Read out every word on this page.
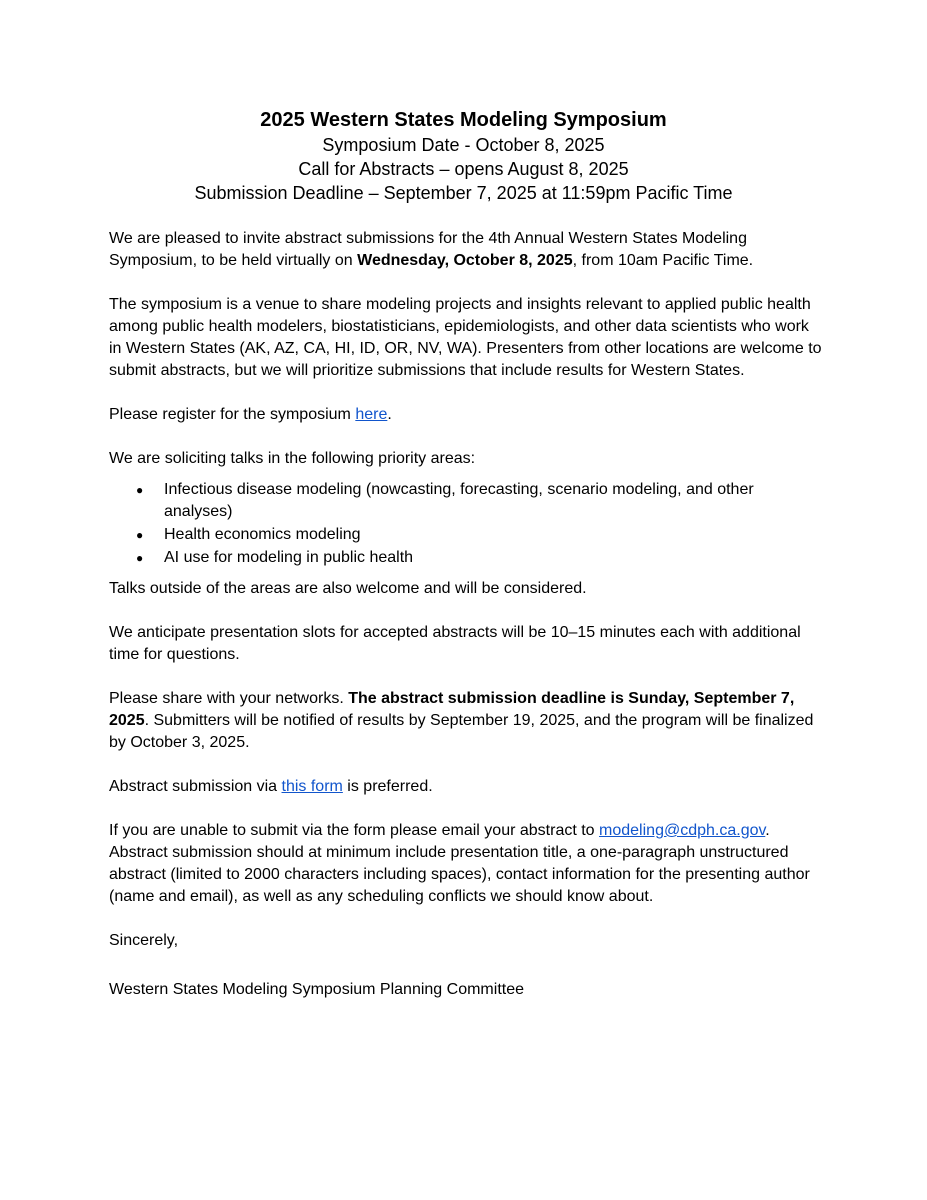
2025 Western States Modeling Symposium

Symposium Date - October 8, 2025

Call for Abstracts – opens August 8, 2025

Submission Deadline – September 7, 2025 at 11:59pm Pacific Time

We are pleased to invite abstract submissions for the 4th Annual Western States Modeling Symposium, to be held virtually on Wednesday, October 8, 2025, from 10am Pacific Time.

The symposium is a venue to share modeling projects and insights relevant to applied public health among public health modelers, biostatisticians, epidemiologists, and other data scientists who work in Western States (AK, AZ, CA, HI, ID, OR, NV, WA). Presenters from other locations are welcome to submit abstracts, but we will prioritize submissions that include results for Western States.

Please register for the symposium here.

We are soliciting talks in the following priority areas:

● Infectious disease modeling (nowcasting, forecasting, scenario modeling, and other analyses)
● Health economics modeling
● AI use for modeling in public health

Talks outside of the areas are also welcome and will be considered.

We anticipate presentation slots for accepted abstracts will be 10–15 minutes each with additional time for questions.

Please share with your networks. The abstract submission deadline is Sunday, September 7, 2025. Submitters will be notified of results by September 19, 2025, and the program will be finalized by October 3, 2025.

Abstract submission via this form is preferred.

If you are unable to submit via the form please email your abstract to modeling@cdph.ca.gov. Abstract submission should at minimum include presentation title, a one-paragraph unstructured abstract (limited to 2000 characters including spaces), contact information for the presenting author (name and email), as well as any scheduling conflicts we should know about.

Sincerely,

Western States Modeling Symposium Planning Committee
